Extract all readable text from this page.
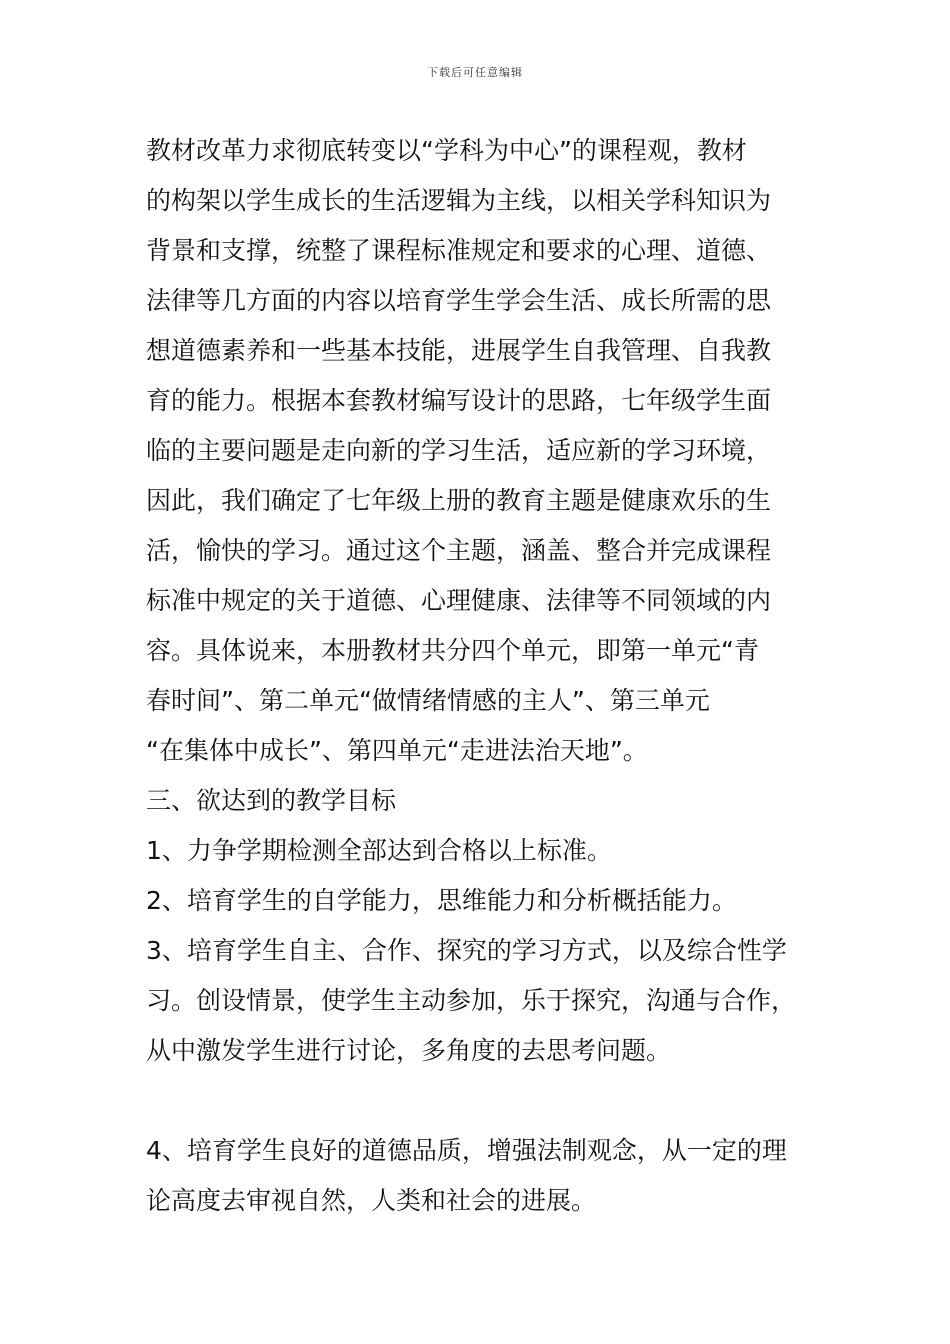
下载后可任意编辑
教材改革力求彻底转变以“学科为中心”的课程观，教材
的构架以学生成长的生活逻辑为主线，以相关学科知识为
背景和支撑，统整了课程标准规定和要求的心理、道德、
法律等几方面的内容以培育学生学会生活、成长所需的思
想道德素养和一些基本技能，进展学生自我管理、自我教
育的能力。根据本套教材编写设计的思路，七年级学生面
临的主要问题是走向新的学习生活，适应新的学习环境，
因此，我们确定了七年级上册的教育主题是健康欢乐的生
活，愉快的学习。通过这个主题，涵盖、整合并完成课程
标准中规定的关于道德、心理健康、法律等不同领域的内
容。具体说来，本册教材共分四个单元，即第一单元“青
春时间”、第二单元“做情绪情感的主人”、第三单元
“在集体中成长”、第四单元“走进法治天地”。
三、欲达到的教学目标
1、力争学期检测全部达到合格以上标准。
2、培育学生的自学能力，思维能力和分析概括能力。
3、培育学生自主、合作、探究的学习方式，以及综合性学
习。创设情景，使学生主动参加，乐于探究，沟通与合作，
从中激发学生进行讨论，多角度的去思考问题。
4、培育学生良好的道德品质，增强法制观念，从一定的理
论高度去审视自然，人类和社会的进展。
